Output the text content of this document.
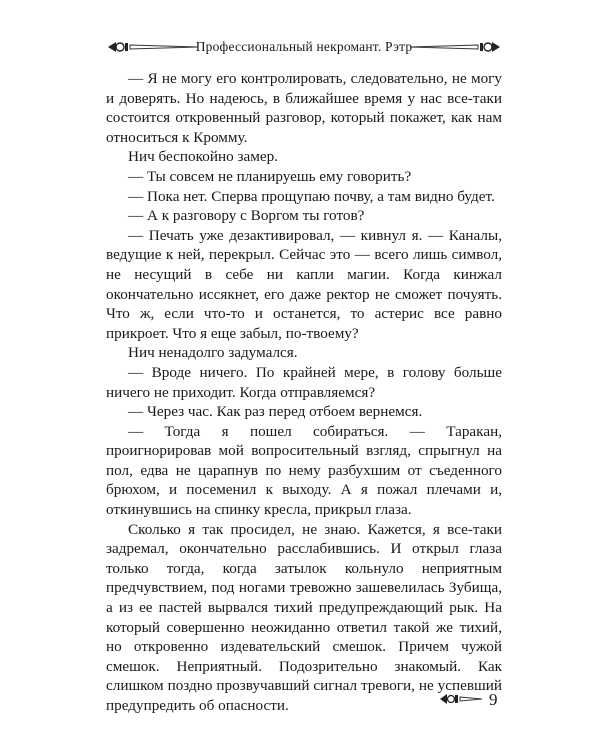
Профессиональный некромант. Рэтр

— Я не могу его контролировать, следовательно, не могу и доверять. Но надеюсь, в ближайшее время у нас все-таки состоится откровенный разговор, который покажет, как нам относиться к Кромму.

Нич беспокойно замер.

— Ты совсем не планируешь ему говорить?

— Пока нет. Сперва прощупаю почву, а там видно будет.

— А к разговору с Воргом ты готов?

— Печать уже дезактивировал, — кивнул я. — Каналы, ведущие к ней, перекрыл. Сейчас это — всего лишь символ, не несущий в себе ни капли магии. Когда кинжал окончательно иссякнет, его даже ректор не сможет почуять. Что ж, если что-то и останется, то астерис все равно прикроет. Что я еще забыл, по-твоему?

Нич ненадолго задумался.

— Вроде ничего. По крайней мере, в голову больше ничего не приходит. Когда отправляемся?

— Через час. Как раз перед отбоем вернемся.

— Тогда я пошел собираться. — Таракан, проигнорировав мой вопросительный взгляд, спрыгнул на пол, едва не царапнув по нему разбухшим от съеденного брюхом, и посеменил к выходу. А я пожал плечами и, откинувшись на спинку кресла, прикрыл глаза.

Сколько я так просидел, не знаю. Кажется, я все-таки задремал, окончательно расслабившись. И открыл глаза только тогда, когда затылок кольнуло неприятным предчувствием, под ногами тревожно зашевелилась Зубища, а из ее пастей вырвался тихий предупреждающий рык. На который совершенно неожиданно ответил такой же тихий, но откровенно издевательский смешок. Причем чужой смешок. Неприятный. Подозрительно знакомый. Как слишком поздно прозвучавший сигнал тревоги, не успевший предупредить об опасности.	9
